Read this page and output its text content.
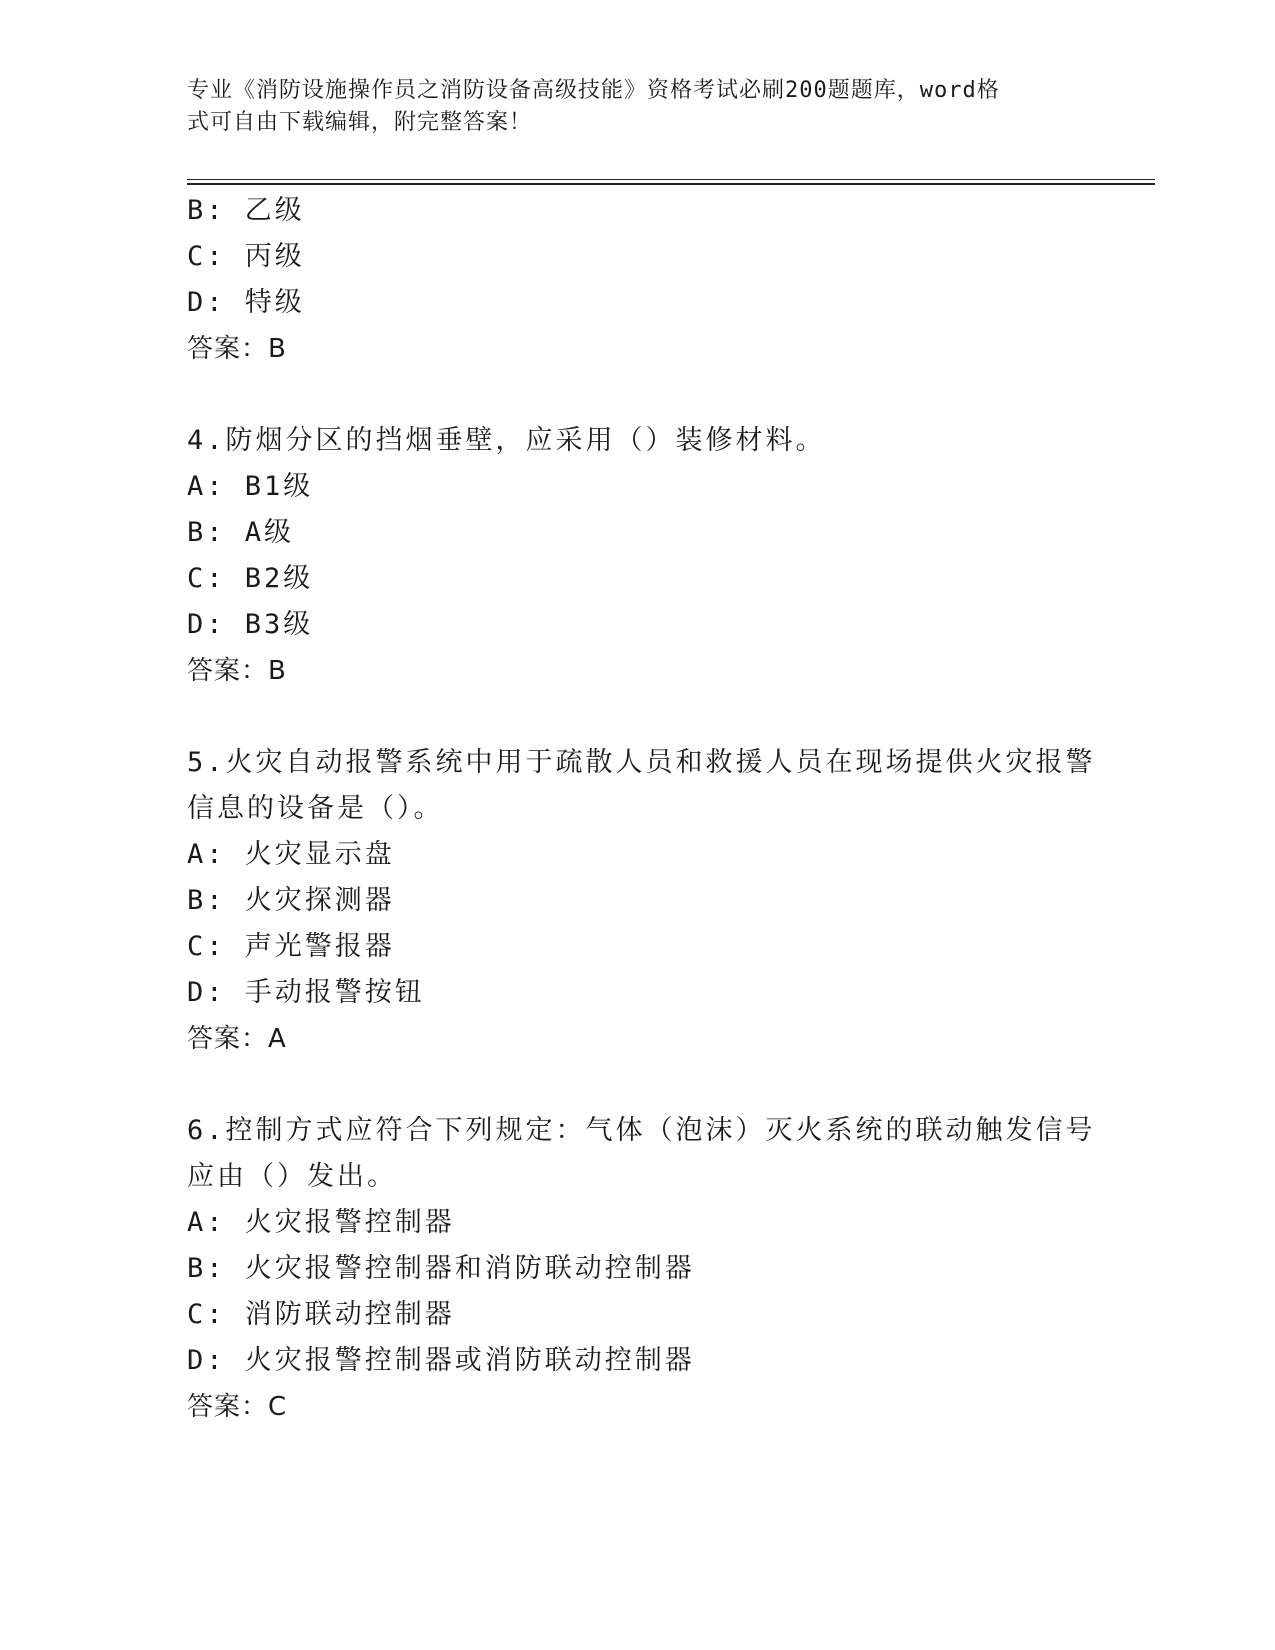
专业《消防设施操作员之消防设备高级技能》资格考试必刷200题题库，word格
式可自由下载编辑，附完整答案！
B: 乙级
C: 丙级
D: 特级
答案：B
4.防烟分区的挡烟垂壁，应采用（）装修材料。
A: B1级
B: A级
C: B2级
D: B3级
答案：B
5.火灾自动报警系统中用于疏散人员和救援人员在现场提供火灾报警
信息的设备是（）。
A: 火灾显示盘
B: 火灾探测器
C: 声光警报器
D: 手动报警按钮
答案：A
6.控制方式应符合下列规定：气体（泡沫）灭火系统的联动触发信号
应由（）发出。
A: 火灾报警控制器
B: 火灾报警控制器和消防联动控制器
C: 消防联动控制器
D: 火灾报警控制器或消防联动控制器
答案：C
